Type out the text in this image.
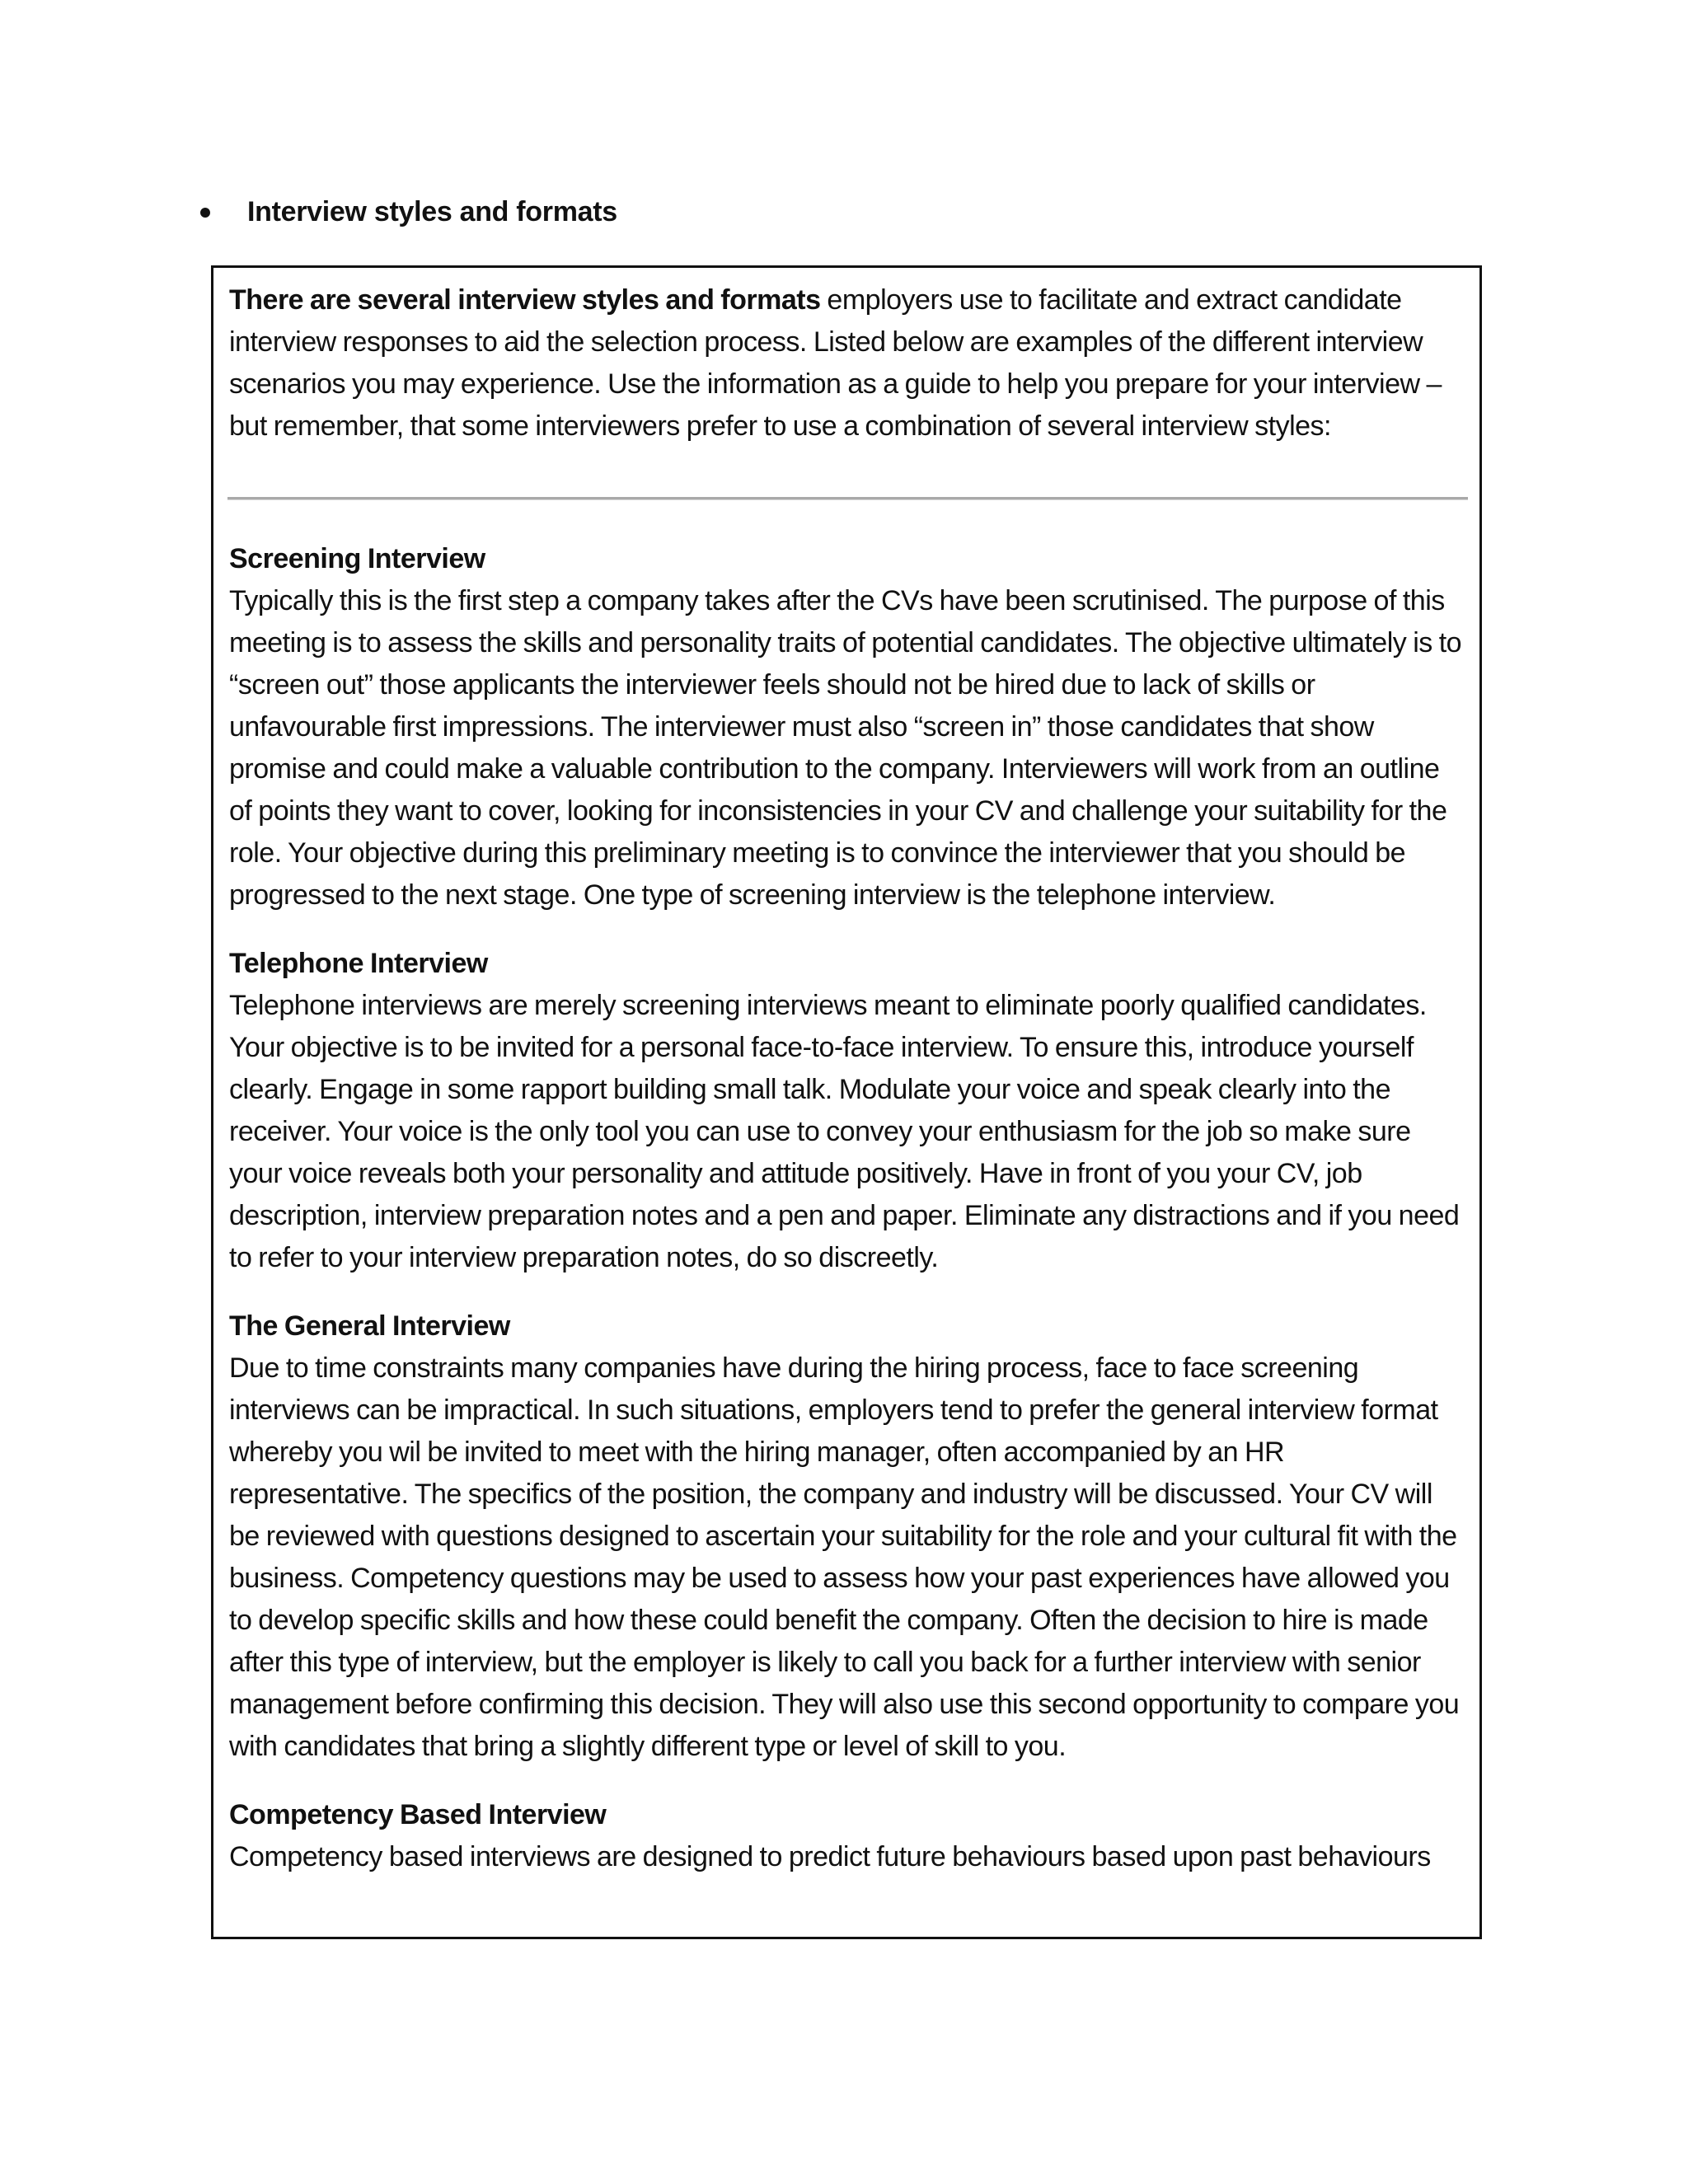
Interview styles and formats
There are several interview styles and formats employers use to facilitate and extract candidate interview responses to aid the selection process. Listed below are examples of the different interview scenarios you may experience. Use the information as a guide to help you prepare for your interview – but remember, that some interviewers prefer to use a combination of several interview styles:
Screening Interview

Typically this is the first step a company takes after the CVs have been scrutinised. The purpose of this meeting is to assess the skills and personality traits of potential candidates. The objective ultimately is to “screen out” those applicants the interviewer feels should not be hired due to lack of skills or unfavourable first impressions. The interviewer must also “screen in” those candidates that show promise and could make a valuable contribution to the company. Interviewers will work from an outline of points they want to cover, looking for inconsistencies in your CV and challenge your suitability for the role. Your objective during this preliminary meeting is to convince the interviewer that you should be progressed to the next stage. One type of screening interview is the telephone interview.

Telephone Interview

Telephone interviews are merely screening interviews meant to eliminate poorly qualified candidates. Your objective is to be invited for a personal face-to-face interview. To ensure this, introduce yourself clearly. Engage in some rapport building small talk. Modulate your voice and speak clearly into the receiver. Your voice is the only tool you can use to convey your enthusiasm for the job so make sure your voice reveals both your personality and attitude positively. Have in front of you your CV, job description, interview preparation notes and a pen and paper. Eliminate any distractions and if you need to refer to your interview preparation notes, do so discreetly.

The General Interview

Due to time constraints many companies have during the hiring process, face to face screening interviews can be impractical. In such situations, employers tend to prefer the general interview format whereby you wil be invited to meet with the hiring manager, often accompanied by an HR representative. The specifics of the position, the company and industry will be discussed. Your CV will be reviewed with questions designed to ascertain your suitability for the role and your cultural fit with the business. Competency questions may be used to assess how your past experiences have allowed you to develop specific skills and how these could benefit the company. Often the decision to hire is made after this type of interview, but the employer is likely to call you back for a further interview with senior management before confirming this decision. They will also use this second opportunity to compare you with candidates that bring a slightly different type or level of skill to you.

Competency Based Interview

Competency based interviews are designed to predict future behaviours based upon past behaviours
